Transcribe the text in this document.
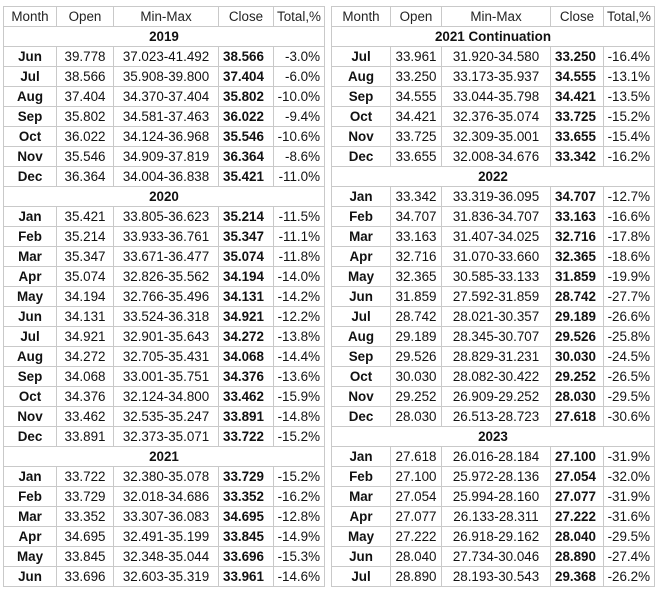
Month	Open	Min-Max	Close	Total,%
2019				
Jun	39.778	37.023-41.492	38.566	-3.0%
Jul	38.566	35.908-39.800	37.404	-6.0%
Aug	37.404	34.370-37.404	35.802	-10.0%
Sep	35.802	34.581-37.463	36.022	-9.4%
Oct	36.022	34.124-36.968	35.546	-10.6%
Nov	35.546	34.909-37.819	36.364	-8.6%
Dec	36.364	34.004-36.838	35.421	-11.0%
2020				
Jan	35.421	33.805-36.623	35.214	-11.5%
Feb	35.214	33.933-36.761	35.347	-11.1%
Mar	35.347	33.671-36.477	35.074	-11.8%
Apr	35.074	32.826-35.562	34.194	-14.0%
May	34.194	32.766-35.496	34.131	-14.2%
Jun	34.131	33.524-36.318	34.921	-12.2%
Jul	34.921	32.901-35.643	34.272	-13.8%
Aug	34.272	32.705-35.431	34.068	-14.4%
Sep	34.068	33.001-35.751	34.376	-13.6%
Oct	34.376	32.124-34.800	33.462	-15.9%
Nov	33.462	32.535-35.247	33.891	-14.8%
Dec	33.891	32.373-35.071	33.722	-15.2%
2021				
Jan	33.722	32.380-35.078	33.729	-15.2%
Feb	33.729	32.018-34.686	33.352	-16.2%
Mar	33.352	33.307-36.083	34.695	-12.8%
Apr	34.695	32.491-35.199	33.845	-14.9%
May	33.845	32.348-35.044	33.696	-15.3%
Jun	33.696	32.603-35.319	33.961	-14.6%
Month	Open	Min-Max	Close	Total,%
2021 Continuation				
Jul	33.961	31.920-34.580	33.250	-16.4%
Aug	33.250	33.173-35.937	34.555	-13.1%
Sep	34.555	33.044-35.798	34.421	-13.5%
Oct	34.421	32.376-35.074	33.725	-15.2%
Nov	33.725	32.309-35.001	33.655	-15.4%
Dec	33.655	32.008-34.676	33.342	-16.2%
2022				
Jan	33.342	33.319-36.095	34.707	-12.7%
Feb	34.707	31.836-34.707	33.163	-16.6%
Mar	33.163	31.407-34.025	32.716	-17.8%
Apr	32.716	31.070-33.660	32.365	-18.6%
May	32.365	30.585-33.133	31.859	-19.9%
Jun	31.859	27.592-31.859	28.742	-27.7%
Jul	28.742	28.021-30.357	29.189	-26.6%
Aug	29.189	28.345-30.707	29.526	-25.8%
Sep	29.526	28.829-31.231	30.030	-24.5%
Oct	30.030	28.082-30.422	29.252	-26.5%
Nov	29.252	26.909-29.252	28.030	-29.5%
Dec	28.030	26.513-28.723	27.618	-30.6%
2023				
Jan	27.618	26.016-28.184	27.100	-31.9%
Feb	27.100	25.972-28.136	27.054	-32.0%
Mar	27.054	25.994-28.160	27.077	-31.9%
Apr	27.077	26.133-28.311	27.222	-31.6%
May	27.222	26.918-29.162	28.040	-29.5%
Jun	28.040	27.734-30.046	28.890	-27.4%
Jul	28.890	28.193-30.543	29.368	-26.2%
